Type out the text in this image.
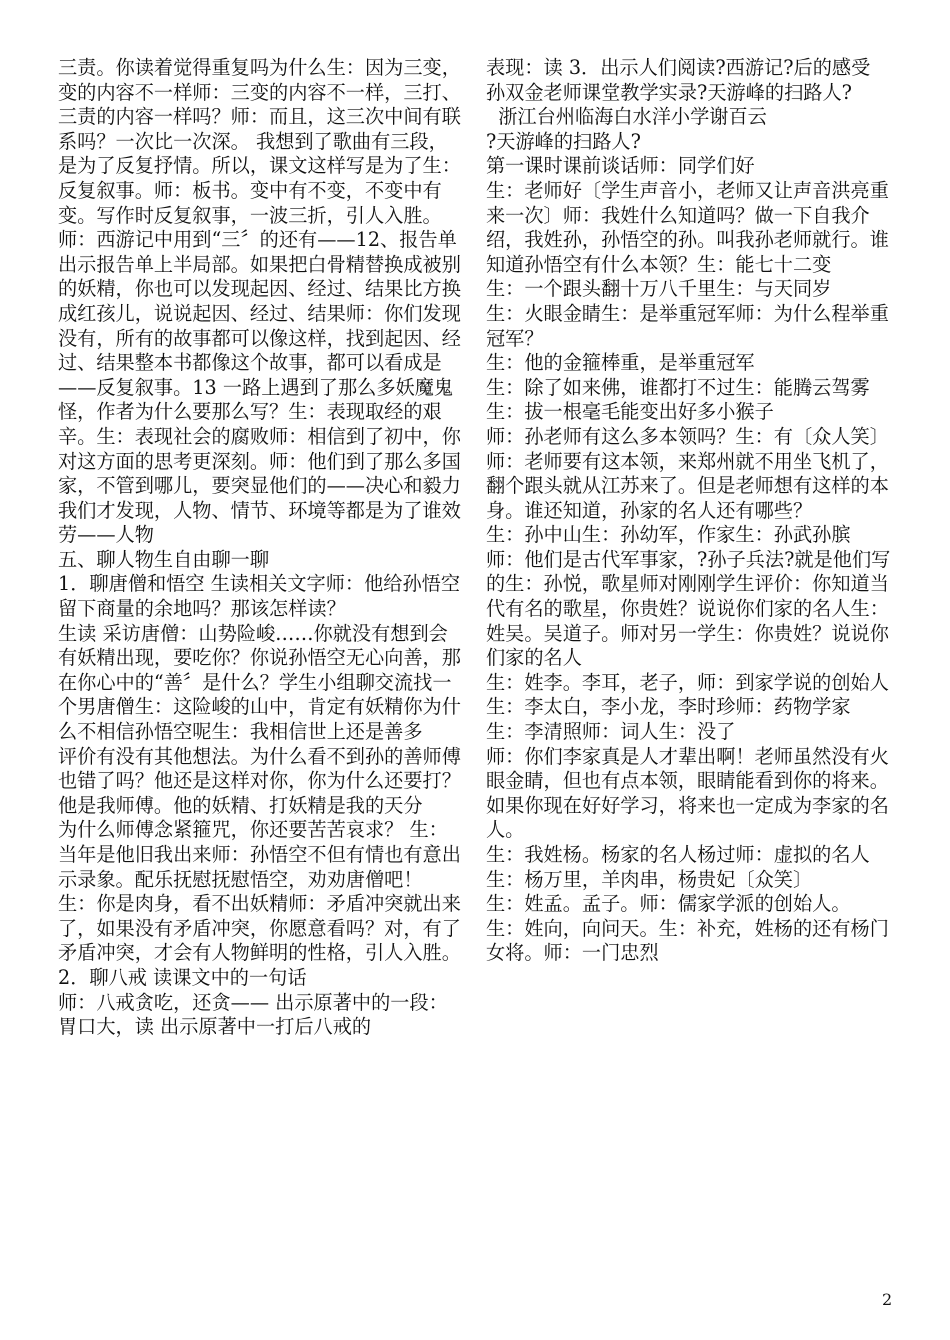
三责。你读着觉得重复吗为什么生：因为三变，变的内容不一样师：三变的内容不一样，三打、三责的内容一样吗？师：而且，这三次中间有联系吗？一次比一次深。 我想到了歌曲有三段，是为了反复抒情。所以，课文这样写是为了生：反复叙事。师：板书。变中有不变，不变中有变。写作时反复叙事，一波三折，引人入胜。 师：西游记中用到“三〞的还有——12、报告单出示报告单上半局部。如果把白骨精替换成被别的妖精，你也可以发现起因、经过、结果比方换成红孩儿，说说起因、经过、结果师：你们发现没有，所有的故事都可以像这样，找到起因、经过、结果整本书都像这个故事，都可以看成是——反复叙事。13 一路上遇到了那么多妖魔鬼怪，作者为什么要那么写？生：表现取经的艰辛。生：表现社会的腐败师：相信到了初中，你对这方面的思考更深刻。师：他们到了那么多国家，不管到哪儿，要突显他们的——决心和毅力我们才发现，人物、情节、环境等都是为了谁效劳——人物

五、聊人物生自由聊一聊

1．聊唐僧和悟空 生读相关文字师：他给孙悟空留下商量的余地吗？那该怎样读？

生读 采访唐僧：山势险峻……你就没有想到会有妖精出现，要吃你？你说孙悟空无心向善，那在你心中的“善〞是什么？学生小组聊交流找一个男唐僧生：这险峻的山中，肯定有妖精你为什么不相信孙悟空呢生：我相信世上还是善多

评价有没有其他想法。为什么看不到孙的善师傅也错了吗？他还是这样对你，你为什么还要打？

他是我师傅。他的妖精、打妖精是我的天分

为什么师傅念紧箍咒，你还要苦苦哀求？ 生：当年是他旧我出来师：孙悟空不但有情也有意出示录象。配乐抚慰抚慰悟空，劝劝唐僧吧！

生：你是肉身，看不出妖精师：矛盾冲突就出来了，如果没有矛盾冲突，你愿意看吗？对，有了矛盾冲突，才会有人物鲜明的性格，引人入胜。

2．聊八戒 读课文中的一句话

师：八戒贪吃，还贪—— 出示原著中的一段：胃口大，读 出示原著中一打后八戒的

表现：读 3．出示人们阅读?西游记?后的感受

孙双金老师课堂教学实录?天游峰的扫路人?

浙江台州临海白水洋小学谢百云

?天游峰的扫路人?

第一课时课前谈话师：同学们好

生：老师好〔学生声音小，老师又让声音洪亮重来一次〕师：我姓什么知道吗？做一下自我介绍，我姓孙，孙悟空的孙。叫我孙老师就行。谁知道孙悟空有什么本领？生：能七十二变

生：一个跟头翻十万八千里生：与天同岁

生：火眼金睛生：是举重冠军师：为什么程举重冠军？

生：他的金箍棒重，是举重冠军

生：除了如来佛，谁都打不过生：能腾云驾雾

生：拔一根毫毛能变出好多小猴子

师：孙老师有这么多本领吗？生：有〔众人笑〕

师：老师要有这本领，来郑州就不用坐飞机了，翻个跟头就从江苏来了。但是老师想有这样的本身。谁还知道，孙家的名人还有哪些？

生：孙中山生：孙幼军，作家生：孙武孙膑

师：他们是古代军事家，?孙子兵法?就是他们写的生：孙悦，歌星师对刚刚学生评价：你知道当代有名的歌星，你贵姓？说说你们家的名人生：姓吴。吴道子。师对另一学生：你贵姓？说说你们家的名人

生：姓李。李耳，老子，师：到家学说的创始人

生：李太白，李小龙，李时珍师：药物学家

生：李清照师：词人生：没了

师：你们李家真是人才辈出啊！老师虽然没有火眼金睛，但也有点本领，眼睛能看到你的将来。如果你现在好好学习，将来也一定成为李家的名人。

生：我姓杨。杨家的名人杨过师：虚拟的名人

生：杨万里，羊肉串，杨贵妃〔众笑〕

生：姓孟。孟子。师：儒家学派的创始人。

生：姓向，向问天。生：补充，姓杨的还有杨门女将。师：一门忠烈

2
